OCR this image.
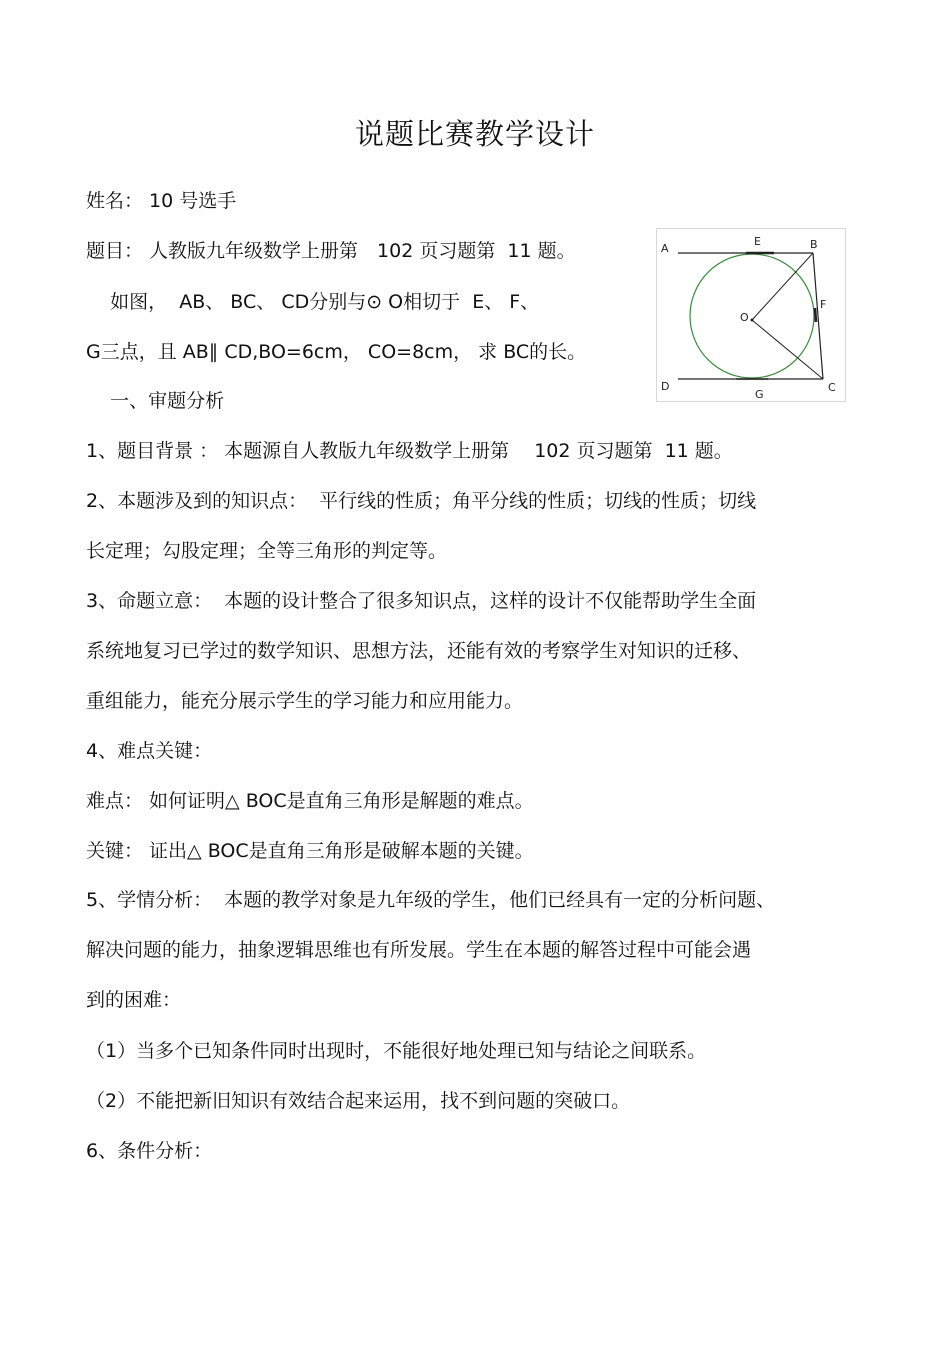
说题比赛教学设计
姓名： 10 号选手
题目： 人教版九年级数学上册第　102 页习题第  11 题。
如图，  AB、 BC、 CD分别与⊙ O相切于  E、 F、
G三点，且 AB∥ CD,BO=6cm， CO=8cm， 求 BC的长。
一、审题分析
1、题目背景 ： 本题源自人教版九年级数学上册第　 102 页习题第  11 题。
2、本题涉及到的知识点：  平行线的性质；角平分线的性质；切线的性质；切线
长定理；勾股定理；全等三角形的判定等。
3、命题立意：  本题的设计整合了很多知识点，这样的设计不仅能帮助学生全面
系统地复习已学过的数学知识、思想方法，还能有效的考察学生对知识的迁移、
重组能力，能充分展示学生的学习能力和应用能力。
4、难点关键：
难点： 如何证明△ BOC是直角三角形是解题的难点。
关键： 证出△ BOC是直角三角形是破解本题的关键。
5、学情分析：  本题的教学对象是九年级的学生，他们已经具有一定的分析问题、
解决问题的能力，抽象逻辑思维也有所发展。学生在本题的解答过程中可能会遇
到的困难：
（1）当多个已知条件同时出现时，不能很好地处理已知与结论之间联系。
（2）不能把新旧知识有效结合起来运用，找不到问题的突破口。
6、条件分析：
A
E	B
O
F
D
G
C
